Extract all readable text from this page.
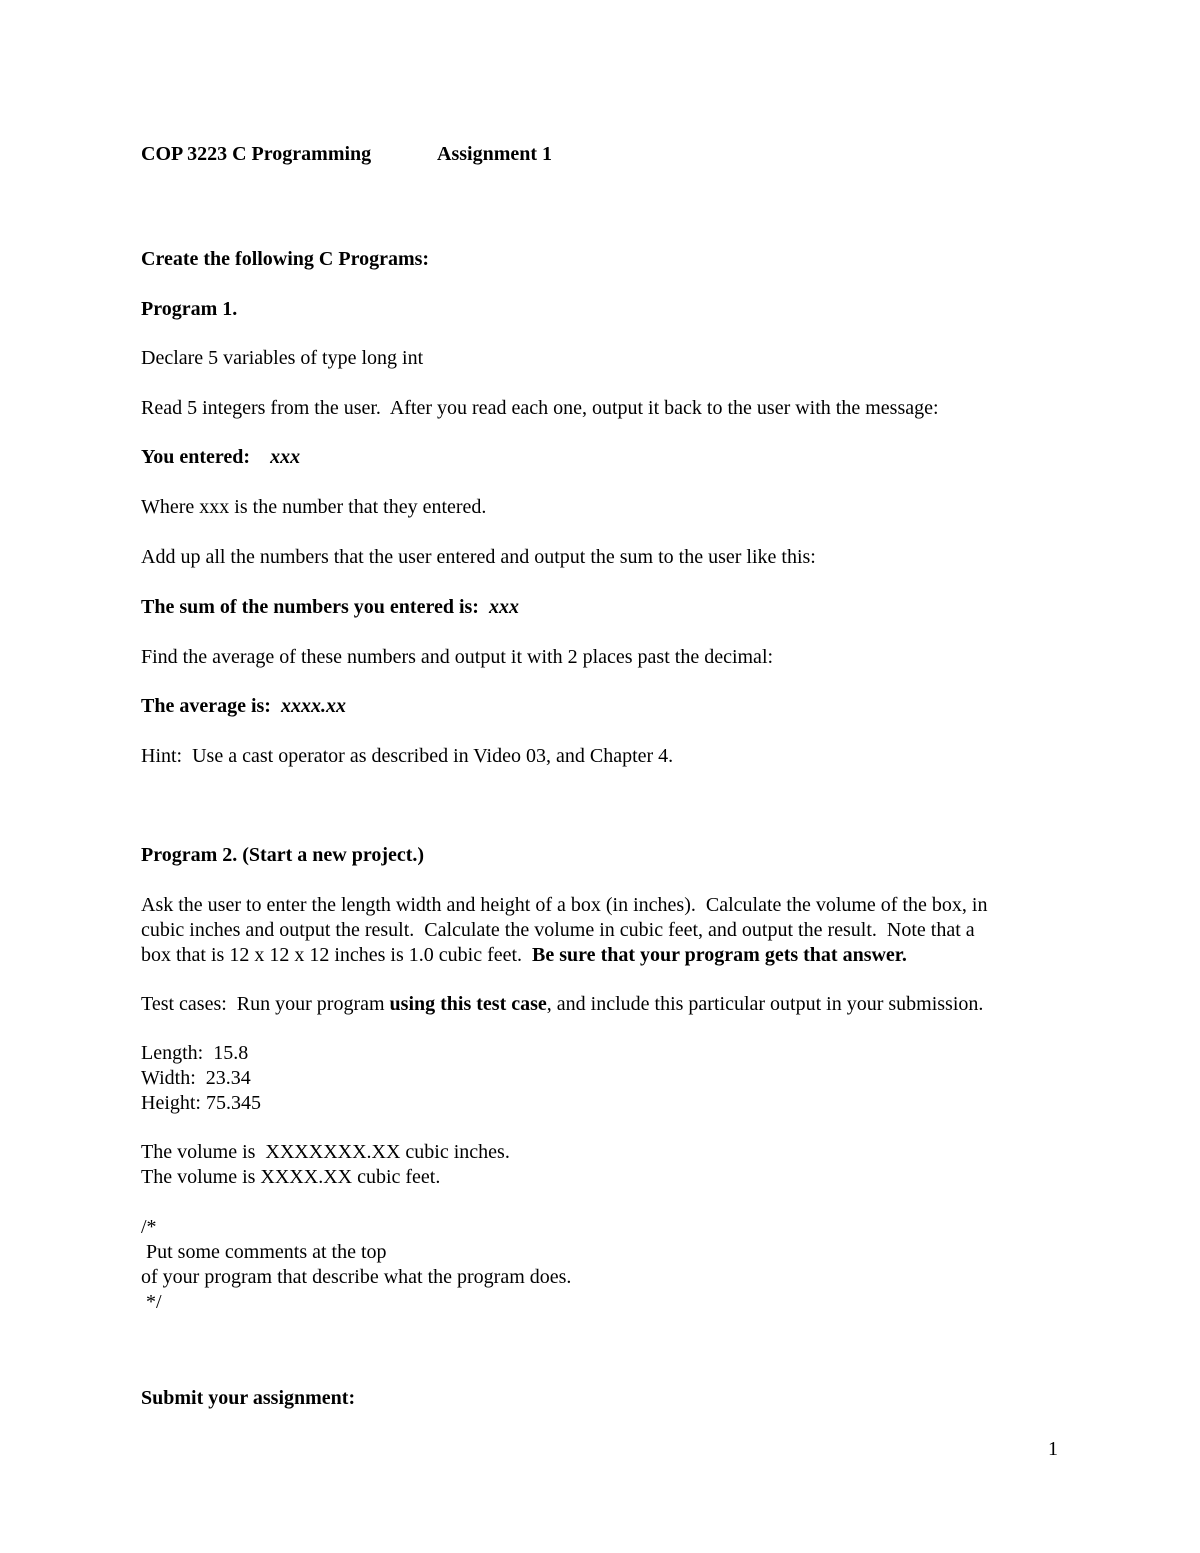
COP 3223 C Programming	Assignment 1
Create the following C Programs:
Program 1.
Declare 5 variables of type long int
Read 5 integers from the user.  After you read each one, output it back to the user with the message:
You entered: xxx
Where xxx is the number that they entered.
Add up all the numbers that the user entered and output the sum to the user like this:
The sum of the numbers you entered is: xxx
Find the average of these numbers and output it with 2 places past the decimal:
The average is: xxxx.xx
Hint:  Use a cast operator as described in Video 03, and Chapter 4.
Program 2. (Start a new project.)
Ask the user to enter the length width and height of a box (in inches).  Calculate the volume of the box, in
cubic inches and output the result.  Calculate the volume in cubic feet, and output the result.  Note that a
box that is 12 x 12 x 12 inches is 1.0 cubic feet.  Be sure that your program gets that answer.
Test cases:  Run your program using this test case, and include this particular output in your submission.
Length:  15.8
Width:  23.34
Height: 75.345
The volume is  XXXXXXX.XX cubic inches.
The volume is XXXX.XX cubic feet.
/*
Put some comments at the top
of your program that describe what the program does.
*/
Submit your assignment:
1
